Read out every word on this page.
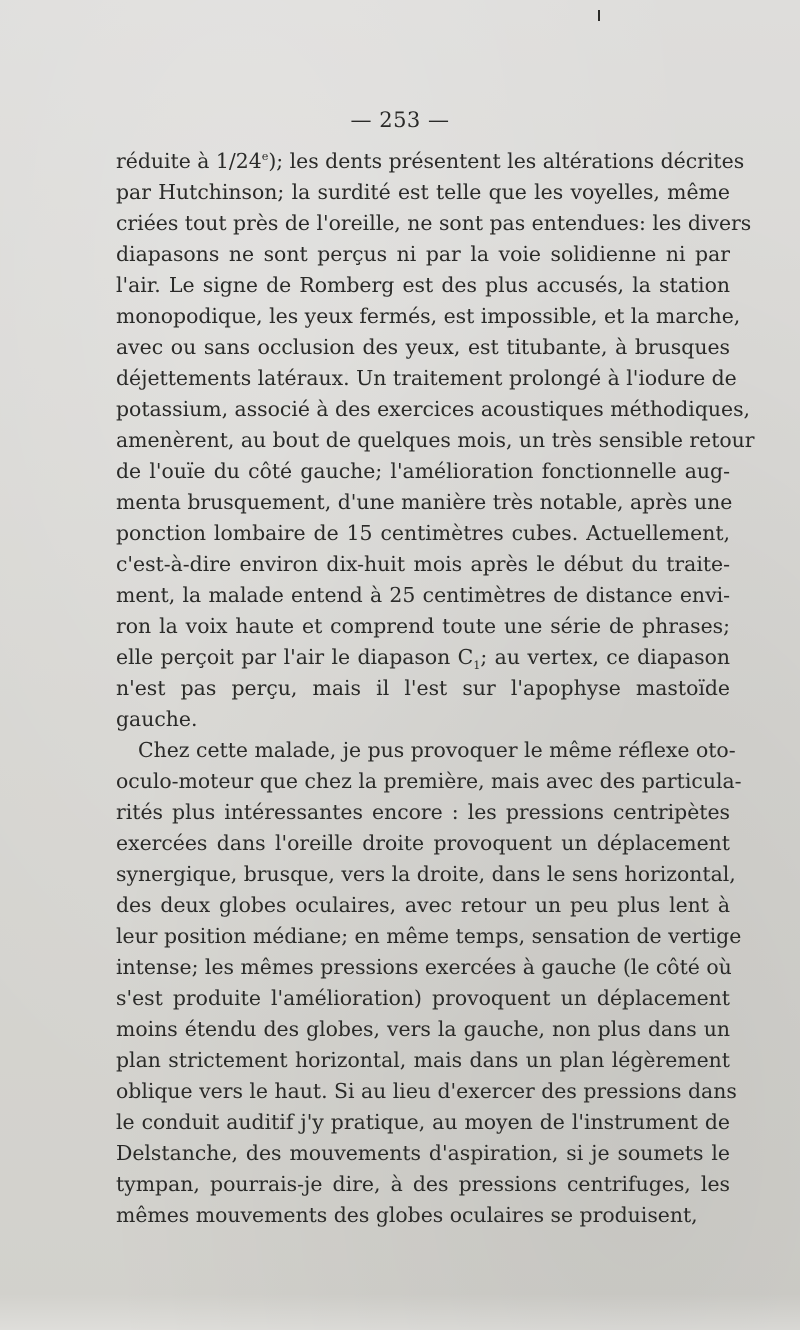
— 253 —
réduite à 1/24e); les dents présentent les altérations décrites
par Hutchinson; la surdité est telle que les voyelles, même
criées tout près de l'oreille, ne sont pas entendues: les divers
diapasons ne sont perçus ni par la voie solidienne ni par
l'air. Le signe de Romberg est des plus accusés, la station
monopodique, les yeux fermés, est impossible, et la marche,
avec ou sans occlusion des yeux, est titubante, à brusques
déjettements latéraux. Un traitement prolongé à l'iodure de
potassium, associé à des exercices acoustiques méthodiques,
amenèrent, au bout de quelques mois, un très sensible retour
de l'ouïe du côté gauche; l'amélioration fonctionnelle aug-
menta brusquement, d'une manière très notable, après une
ponction lombaire de 15 centimètres cubes. Actuellement,
c'est-à-dire environ dix-huit mois après le début du traite-
ment, la malade entend à 25 centimètres de distance envi-
ron la voix haute et comprend toute une série de phrases;
elle perçoit par l'air le diapason $C_1$; au vertex, ce diapason
n'est pas perçu, mais il l'est sur l'apophyse mastoïde
gauche.
Chez cette malade, je pus provoquer le même réflexe oto-
oculo-moteur que chez la première, mais avec des particula-
rités plus intéressantes encore : les pressions centripètes
exercées dans l'oreille droite provoquent un déplacement
synergique, brusque, vers la droite, dans le sens horizontal,
des deux globes oculaires, avec retour un peu plus lent à
leur position médiane; en même temps, sensation de vertige
intense; les mêmes pressions exercées à gauche (le côté où
s'est produite l'amélioration) provoquent un déplacement
moins étendu des globes, vers la gauche, non plus dans un
plan strictement horizontal, mais dans un plan légèrement
oblique vers le haut. Si au lieu d'exercer des pressions dans
le conduit auditif j'y pratique, au moyen de l'instrument de
Delstanche, des mouvements d'aspiration, si je soumets le
tympan, pourrais-je dire, à des pressions centrifuges, les
mêmes mouvements des globes oculaires se produisent,
